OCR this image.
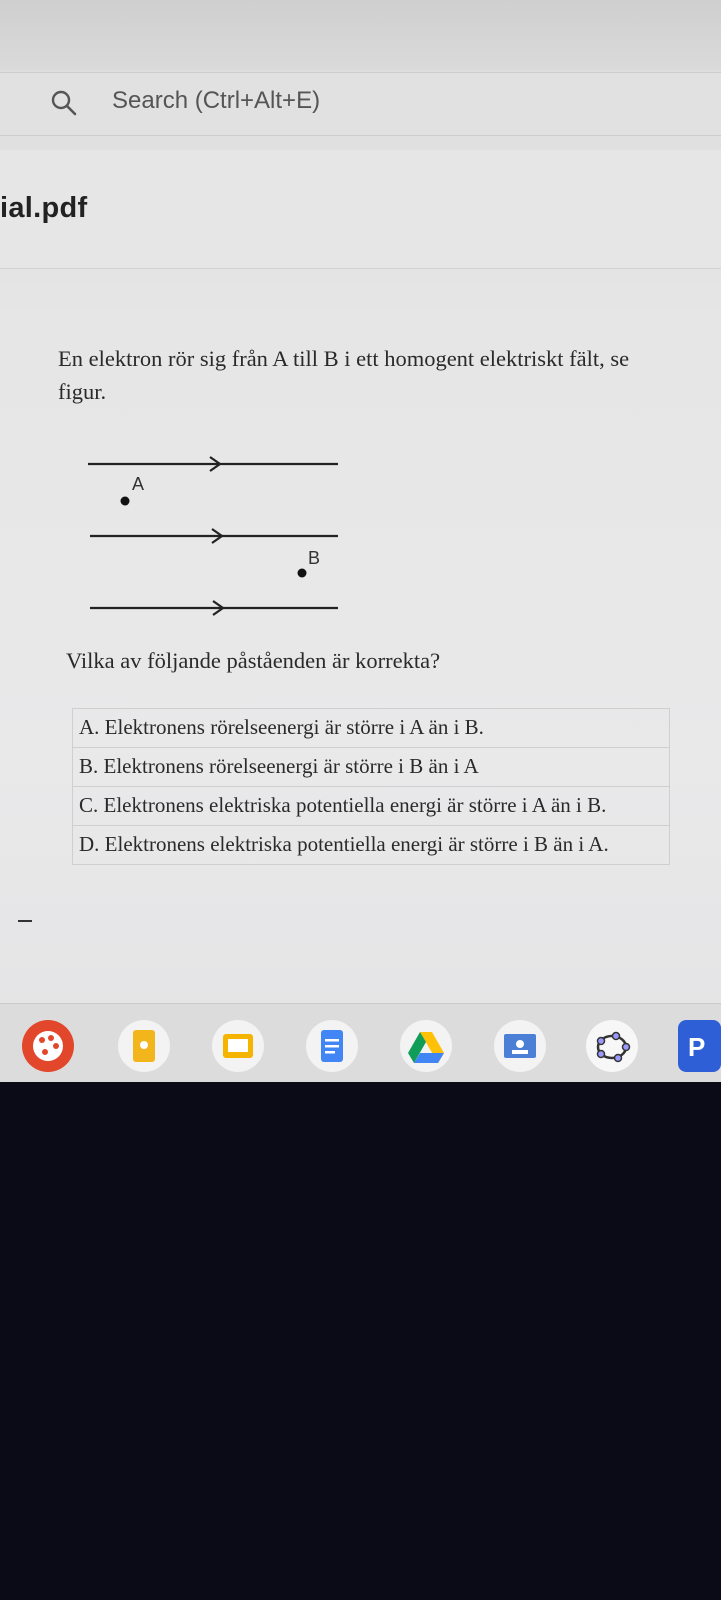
Search (Ctrl+Alt+E)
ial.pdf
En elektron rör sig från A till B i ett homogent elektriskt fält, se figur.
A
B
Vilka av följande påståenden är korrekta?
A. Elektronens rörelseenergi är större i A än i B.
B. Elektronens rörelseenergi är större i B än i A
C. Elektronens elektriska potentiella energi är större i A än i B.
D. Elektronens elektriska potentiella energi är större i B än i A.
P
